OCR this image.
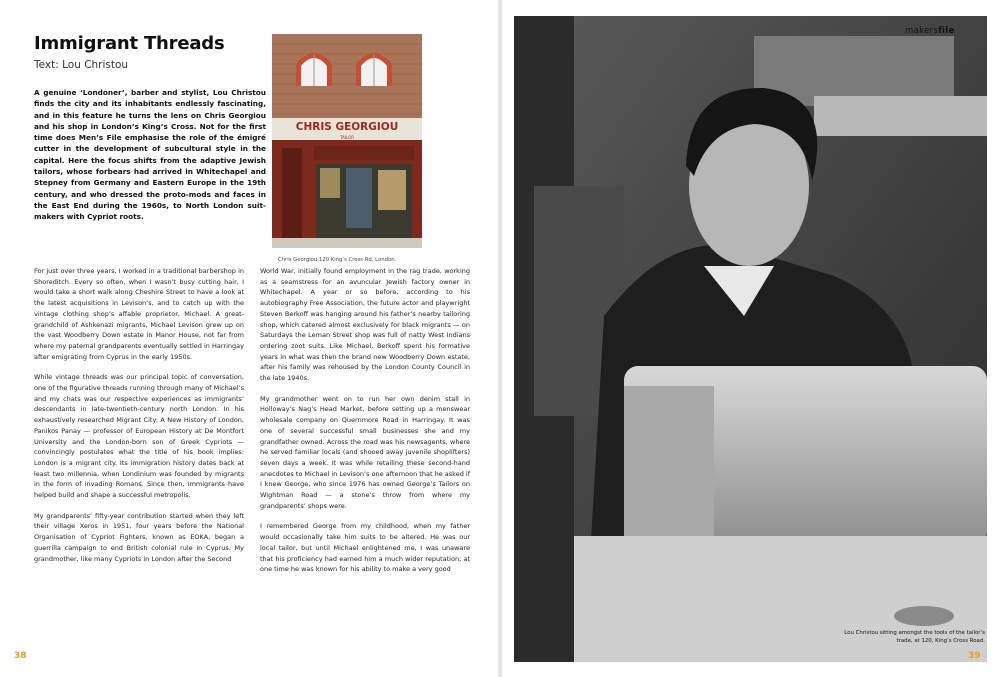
Immigrant Threads
Text: Lou Christou

A genuine ‘Londoner’, barber and stylist, Lou Christou finds the city and its inhabitants endlessly fascinating, and in this feature he turns the lens on Chris Georgiou and his shop in London’s King’s Cross. Not for the first time does Men’s File emphasise the role of the émigré cutter in the development of subcultural style in the capital. Here the focus shifts from the adaptive Jewish tailors, whose forbears had arrived in Whitechapel and Stepney from Germany and Eastern Europe in the 19th century, and who dressed the proto-mods and faces in the East End during the 1960s, to North London suit-makers with Cypriot roots.

CHRIS GEORGIOU
TAILOR
Chris Georgiou,120 King’s Cross Rd, London.

For just over three years, I worked in a traditional barbershop in Shoreditch. Every so often, when I wasn’t busy cutting hair, I would take a short walk along Cheshire Street to have a look at the latest acquisitions in Levison’s, and to catch up with the vintage clothing shop’s affable proprietor, Michael. A great-grandchild of Ashkenazi migrants, Michael Levison grew up on the vast Woodberry Down estate in Manor House, not far from where my paternal grandparents eventually settled in Harringay after emigrating from Cyprus in the early 1950s.

While vintage threads was our principal topic of conversation, one of the figurative threads running through many of Michael’s and my chats was our respective experiences as immigrants’ descendants in late-twentieth-century north London. In his exhaustively researched Migrant City: A New History of London, Panikos Panay — professor of European History at De Montfort University and the London-born son of Greek Cypriots — convincingly postulates what the title of his book implies: London is a migrant city. Its immigration history dates back at least two millennia, when Londinium was founded by migrants in the form of invading Romans. Since then, immigrants have helped build and shape a successful metropolis.

My grandparents’ fifty-year contribution started when they left their village Xeros in 1951, four years before the National Organisation of Cypriot Fighters, known as EOKA, began a guerrilla campaign to end British colonial rule in Cyprus. My grandmother, like many Cypriots in London after the Second

World War, initially found employment in the rag trade, working as a seamstress for an avuncular Jewish factory owner in Whitechapel. A year or so before, according to his autobiography Free Association, the future actor and playwright Steven Berkoff was hanging around his father’s nearby tailoring shop, which catered almost exclusively for black migrants — on Saturdays the Leman Street shop was full of natty West Indians ordering zoot suits. Like Michael, Berkoff spent his formative years in what was then the brand new Woodberry Down estate, after his family was rehoused by the London County Council in the late 1940s.

My grandmother went on to run her own denim stall in Holloway’s Nag’s Head Market, before setting up a menswear wholesale company on Quernmore Road in Harringay. It was one of several successful small businesses she and my grandfather owned. Across the road was his newsagents, where he served familiar locals (and shooed away juvenile shoplifters) seven days a week. It was while retailing these second-hand anecdotes to Michael in Levison’s one afternoon that he asked if I knew George, who since 1976 has owned George’s Tailors on Wightman Road — a stone’s throw from where my grandparents’ shops were.

I remembered George from my childhood, when my father would occasionally take him suits to be altered. He was our local tailor, but until Michael enlightened me, I was unaware that his proficiency had earned him a much wider reputation; at one time he was known for his ability to make a very good

38
makersfile
Lou Christou sitting amongst the tools of the tailor’s trade, at 120, King’s Cross Road.
39
